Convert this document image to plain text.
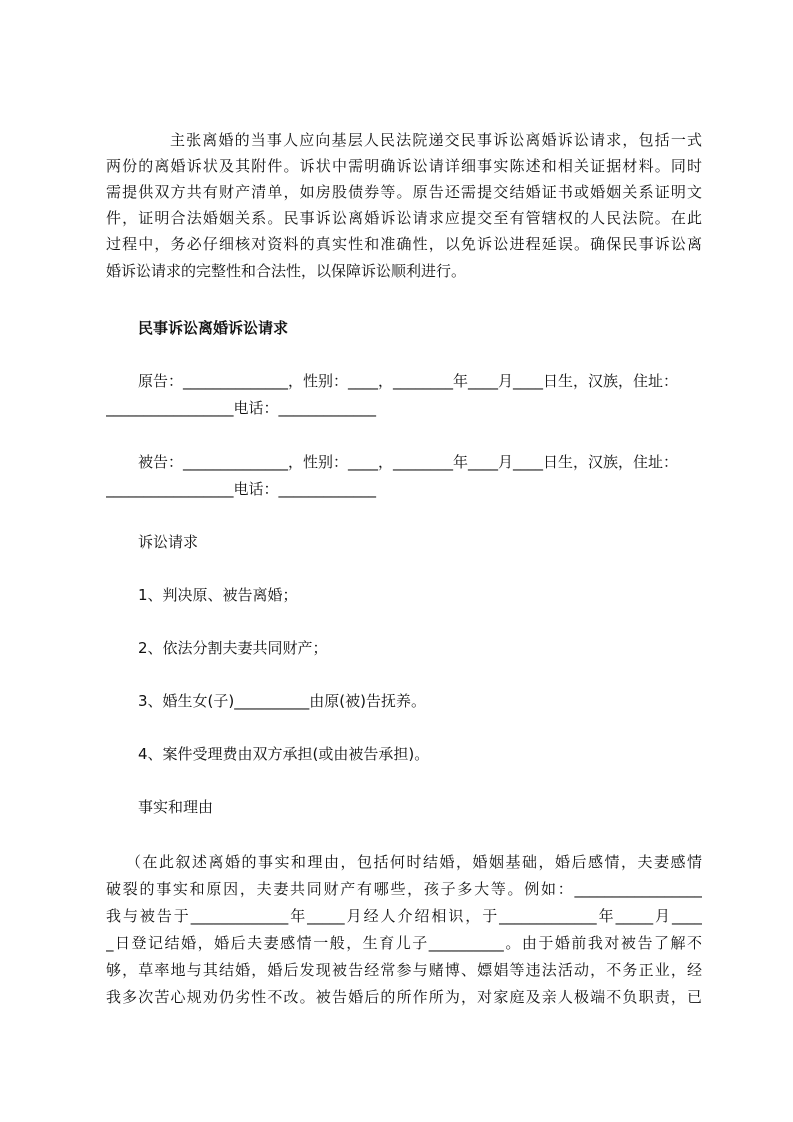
主张离婚的当事人应向基层人民法院递交民事诉讼离婚诉讼请求，包括一式
两份的离婚诉状及其附件。诉状中需明确诉讼请详细事实陈述和相关证据材料。同时
需提供双方共有财产清单，如房股债券等。原告还需提交结婚证书或婚姻关系证明文
件，证明合法婚姻关系。民事诉讼离婚诉讼请求应提交至有管辖权的人民法院。在此
过程中，务必仔细核对资料的真实性和准确性，以免诉讼进程延误。确保民事诉讼离
婚诉讼请求的完整性和合法性，以保障诉讼顺利进行。
民事诉讼离婚诉讼请求
原告：______________，性别：____，________年____月____日生，汉族，住址：
_________________电话：_____________
被告：______________，性别：____，________年____月____日生，汉族，住址：
_________________电话：_____________
诉讼请求
1、判决原、被告离婚；
2、依法分割夫妻共同财产；
3、婚生女(子)__________由原(被)告抚养。
4、案件受理费由双方承担(或由被告承担)。
事实和理由
（在此叙述离婚的事实和理由，包括何时结婚，婚姻基础，婚后感情，夫妻感情
破裂的事实和原因，夫妻共同财产有哪些，孩子多大等。例如：_________________
我与被告于_____________年_____月经人介绍相识，于_____________年_____月____
_日登记结婚，婚后夫妻感情一般，生育儿子__________。由于婚前我对被告了解不
够，草率地与其结婚，婚后发现被告经常参与赌博、嫖娼等违法活动，不务正业，经
我多次苦心规劝仍劣性不改。被告婚后的所作所为，对家庭及亲人极端不负职责，已
